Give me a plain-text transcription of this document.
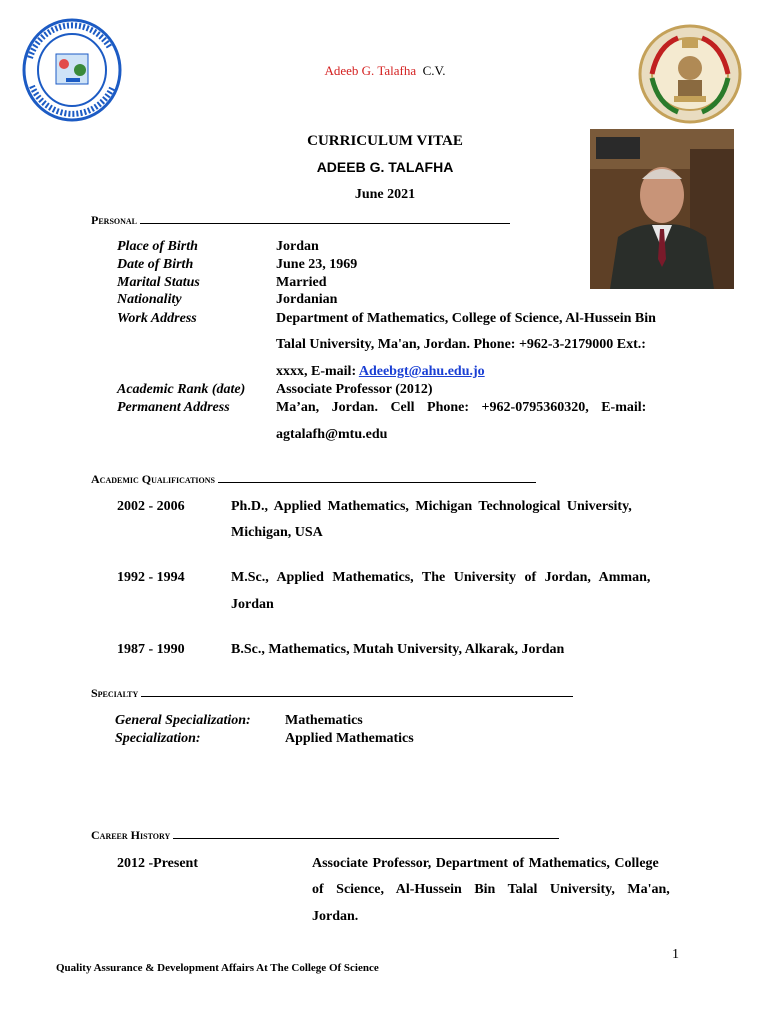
Adeeb G. Talafha C.V.
CURRICULUM VITAE
ADEEB G. TALAFHA
June 2021
Personal
Place of Birth	Jordan
Date of Birth	June 23, 1969
Marital Status	Married
Nationality	Jordanian
Work Address	Department of Mathematics, College of Science, Al-Hussein Bin
Talal University, Ma'an, Jordan. Phone: +962-3-2179000 Ext.:
xxxx, E-mail: Adeebgt@ahu.edu.jo
Academic Rank (date) Associate Professor (2012)
Permanent Address	Ma’an, Jordan. Cell Phone: +962-0795360320, E-mail:
agtalafh@mtu.edu
Academic Qualifications
2002 - 2006	Ph.D., Applied Mathematics, Michigan Technological University,
Michigan, USA
1992 - 1994	M.Sc., Applied Mathematics, The University of Jordan, Amman,
Jordan
1987 - 1990	B.Sc., Mathematics, Mutah University, Alkarak, Jordan
Specialty
General Specialization: Mathematics
Specialization:	Applied Mathematics
Career History
2012 -Present	Associate Professor, Department of Mathematics, College
of Science, Al-Hussein Bin Talal University, Ma'an,
Jordan.
1
Quality Assurance & Development Affairs At The College Of Science
